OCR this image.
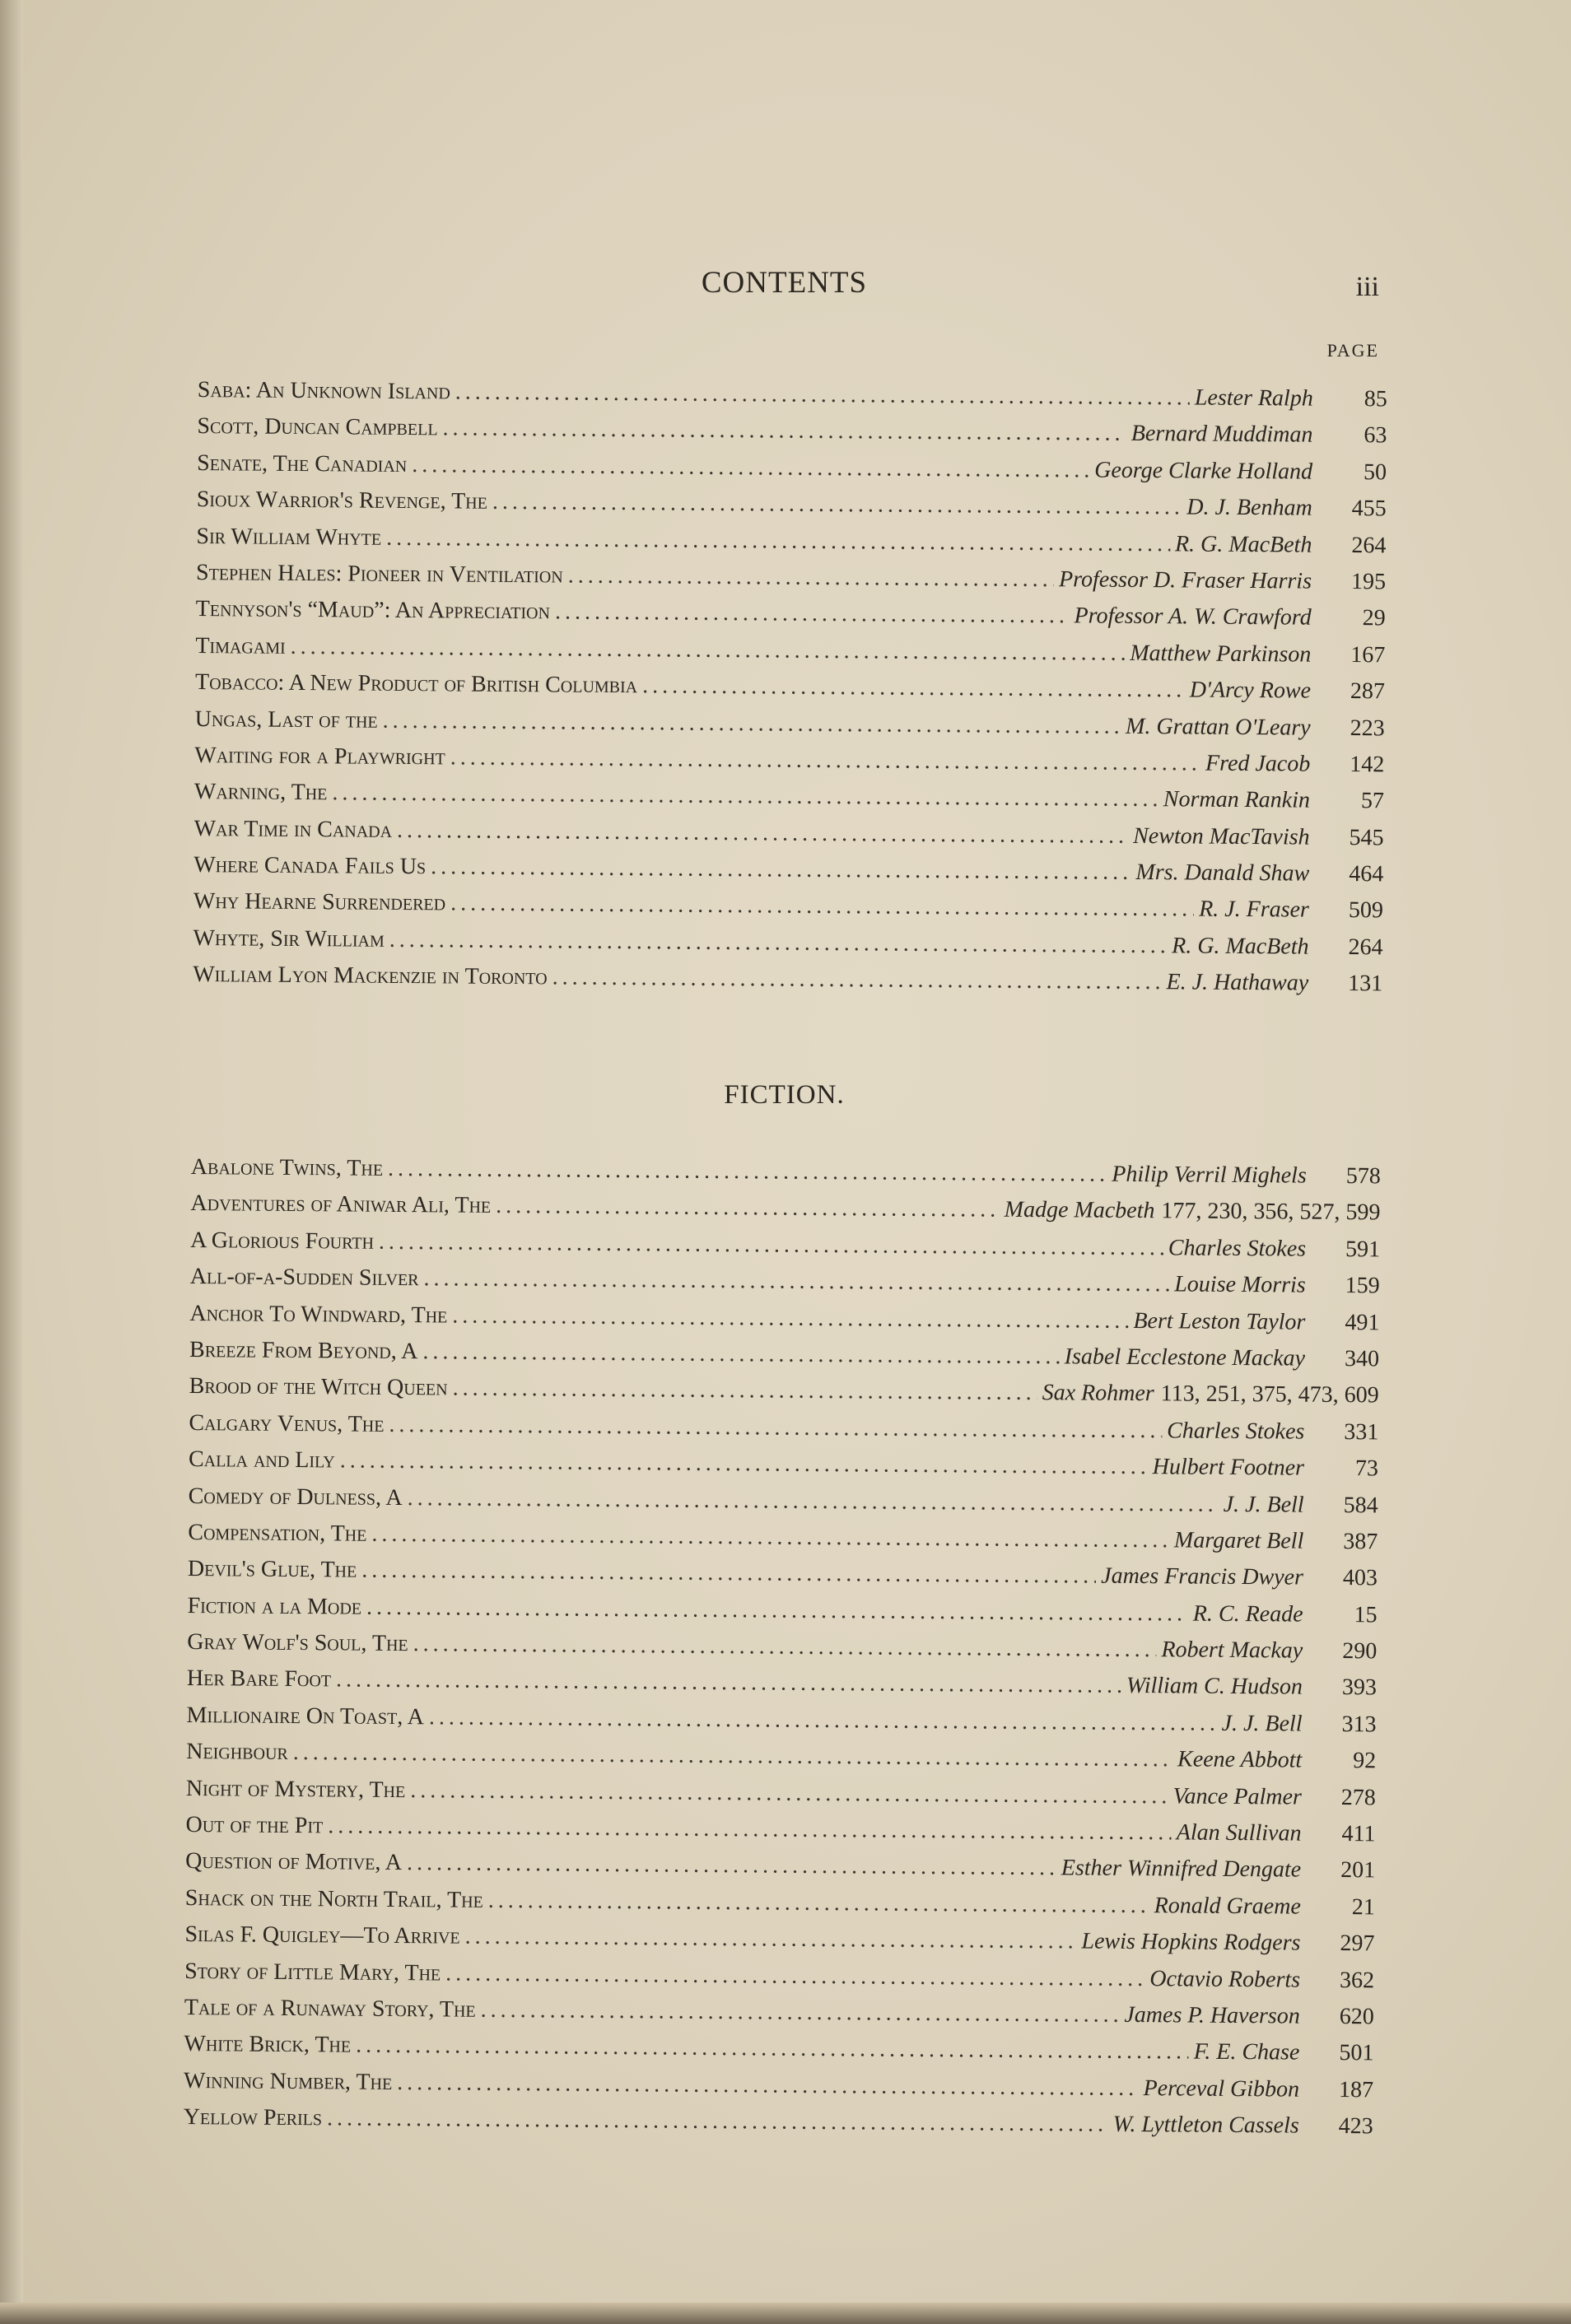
CONTENTS	iii
PAGE
Saba: An Unknown Island .....	Lester Ralph	85
Scott, Duncan Campbell .....	Bernard Muddiman	63
Senate, The Canadian .....	George Clarke Holland	50
Sioux Warrior's Revenge, The .....	D. J. Benham	455
Sir William Whyte .....	R. G. MacBeth	264
Stephen Hales: Pioneer in Ventilation .....	Professor D. Fraser Harris	195
Tennyson's “Maud”: An Appreciation .....	Professor A. W. Crawford	29
Timagami .....	Matthew Parkinson	167
Tobacco: A New Product of British Columbia .....	D'Arcy Rowe	287
Ungas, Last of the .....	M. Grattan O'Leary	223
Waiting for a Playwright .....	Fred Jacob	142
Warning, The .....	Norman Rankin	57
War Time in Canada .....	Newton MacTavish	545
Where Canada Fails Us .....	Mrs. Danald Shaw	464
Why Hearne Surrendered .....	R. J. Fraser	509
Whyte, Sir William .....	R. G. MacBeth	264
William Lyon Mackenzie in Toronto .....	E. J. Hathaway	131
FICTION.
Abalone Twins, The .....	Philip Verril Mighels	578
Adventures of Aniwar Ali, The .....	Madge Macbeth 177, 230, 356, 527, 599
A Glorious Fourth .....	Charles Stokes	591
All-of-a-Sudden Silver .....	Louise Morris	159
Anchor To Windward, The .....	Bert Leston Taylor	491
Breeze From Beyond, A .....	Isabel Ecclestone Mackay	340
Brood of the Witch Queen .....	Sax Rohmer 113, 251, 375, 473, 609
Calgary Venus, The .....	Charles Stokes	331
Calla and Lily .....	Hulbert Footner	73
Comedy of Dulness, A .....	J. J. Bell	584
Compensation, The .....	Margaret Bell	387
Devil's Glue, The .....	James Francis Dwyer	403
Fiction a la Mode .....	R. C. Reade	15
Gray Wolf's Soul, The .....	Robert Mackay	290
Her Bare Foot .....	William C. Hudson	393
Millionaire On Toast, A .....	J. J. Bell	313
Neighbour .....	Keene Abbott	92
Night of Mystery, The .....	Vance Palmer	278
Out of the Pit .....	Alan Sullivan	411
Question of Motive, A .....	Esther Winnifred Dengate	201
Shack on the North Trail, The .....	Ronald Graeme	21
Silas F. Quigley—To Arrive .....	Lewis Hopkins Rodgers	297
Story of Little Mary, The .....	Octavio Roberts	362
Tale of a Runaway Story, The .....	James P. Haverson	620
White Brick, The .....	F. E. Chase	501
Winning Number, The .....	Perceval Gibbon	187
Yellow Perils .....	W. Lyttleton Cassels	423
